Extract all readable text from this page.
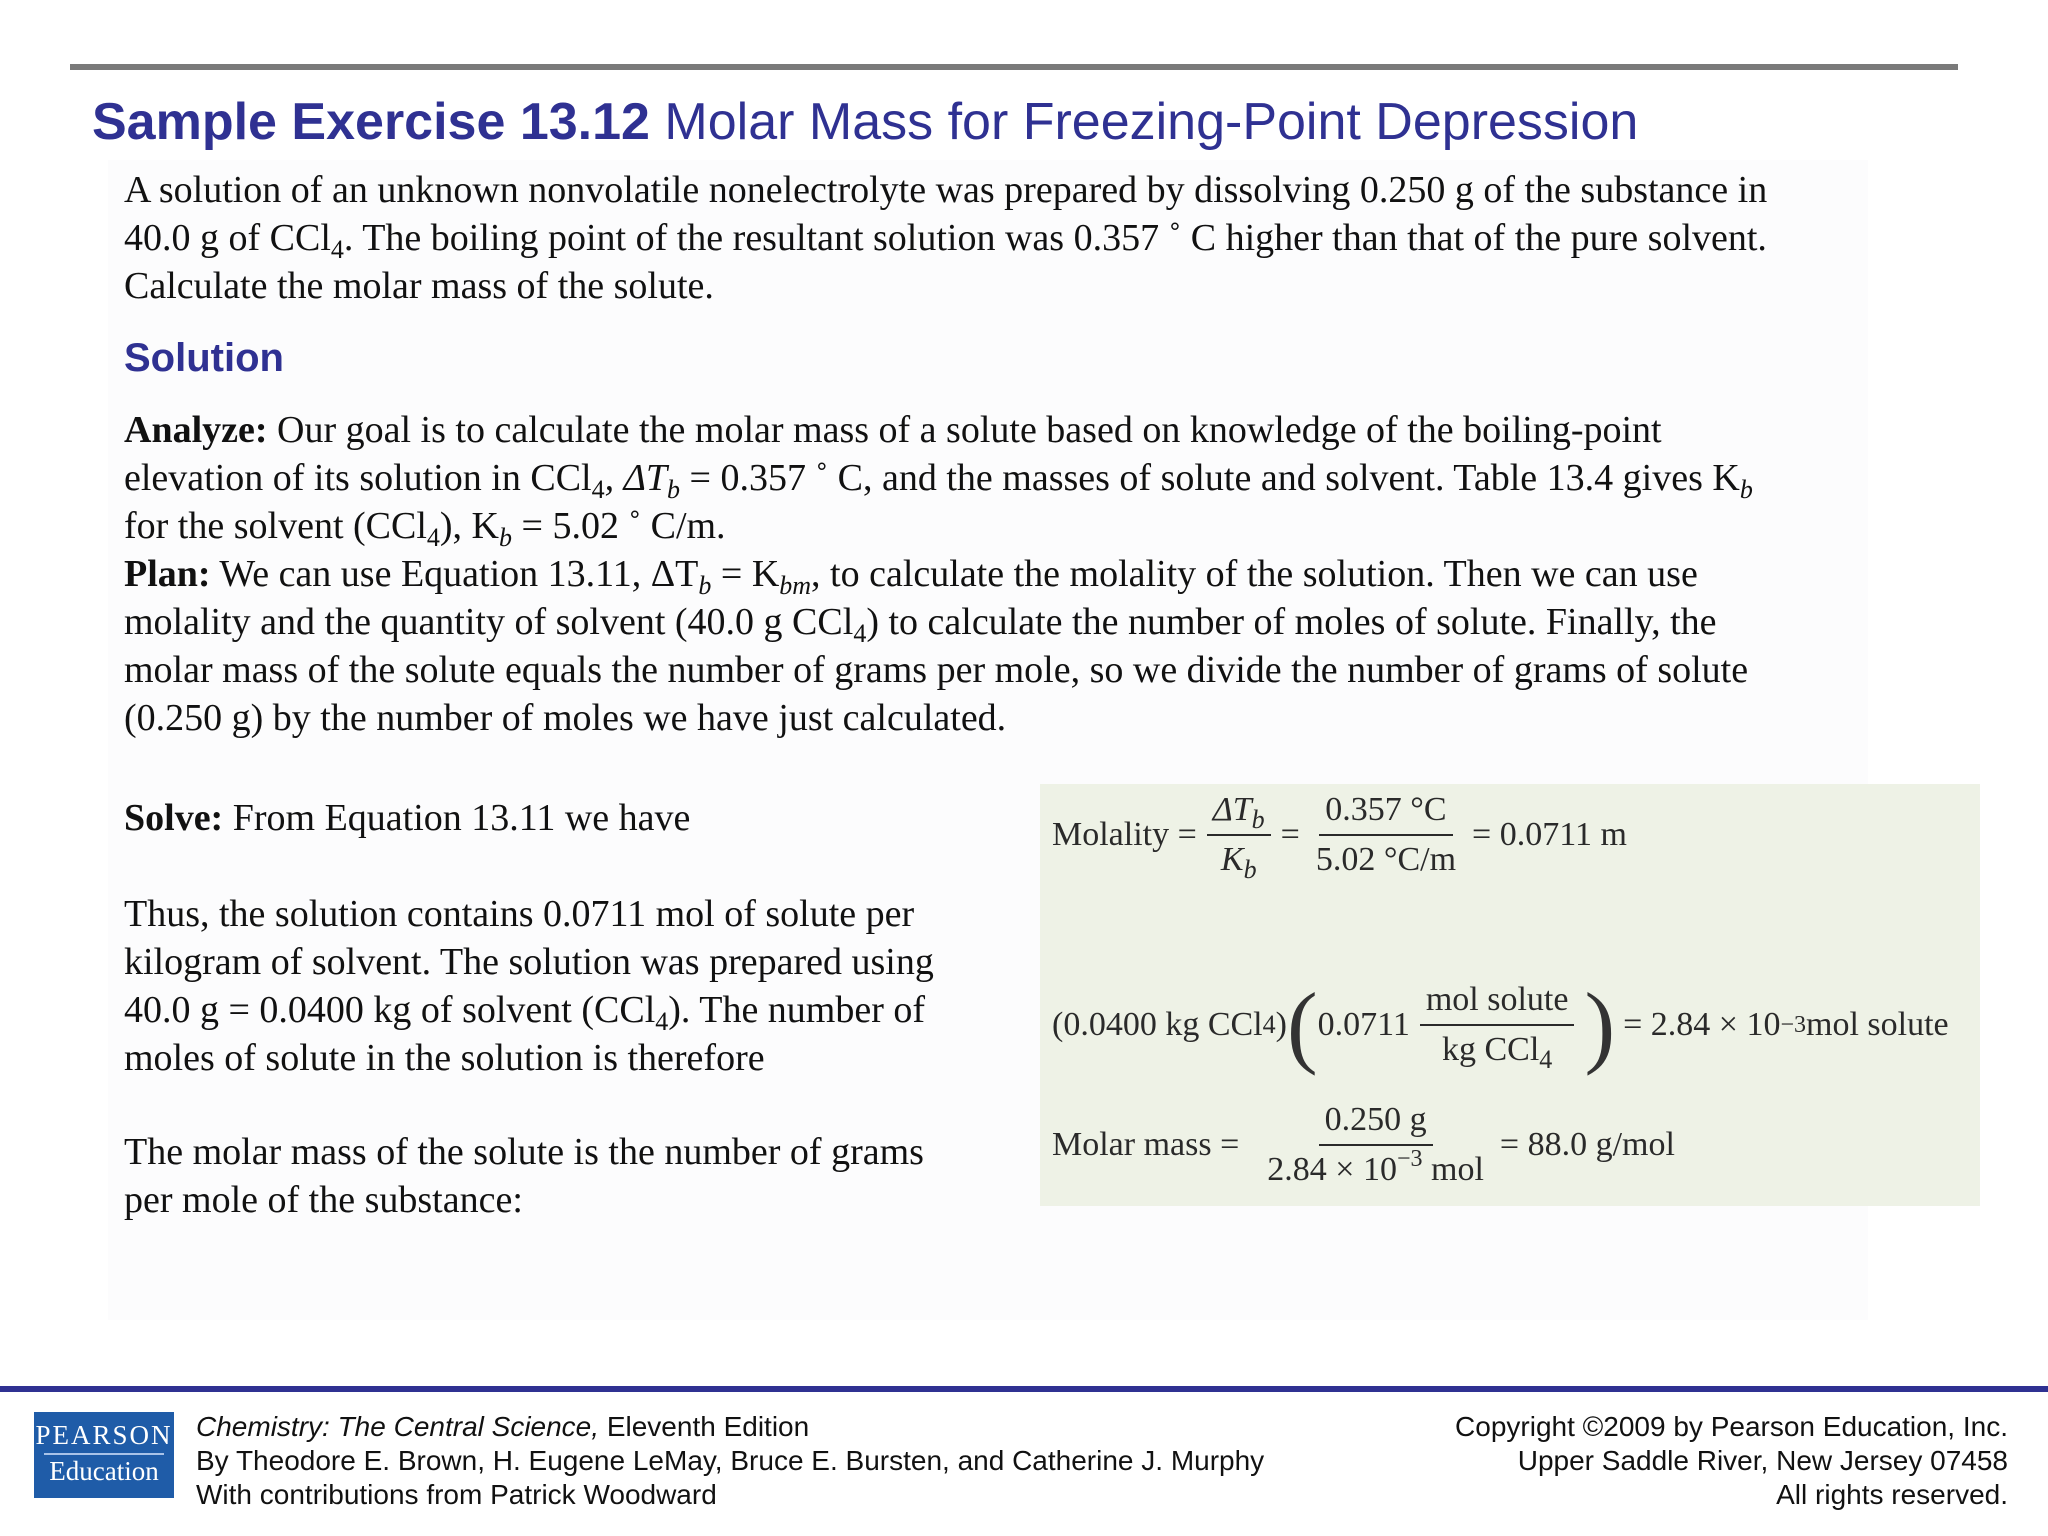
Sample Exercise 13.12 Molar Mass for Freezing-Point Depression
A solution of an unknown nonvolatile nonelectrolyte was prepared by dissolving 0.250 g of the substance in
40.0 g of CCl$_4$. The boiling point of the resultant solution was 0.357 ˚ C higher than that of the pure solvent.
Calculate the molar mass of the solute.
Solution
Analyze: Our goal is to calculate the molar mass of a solute based on knowledge of the boiling-point
elevation of its solution in CCl$_4$, $\Delta T_b = 0.357$ ˚ C, and the masses of solute and solvent. Table 13.4 gives $K_b$
for the solvent (CCl$_4$), $K_b = 5.02$ ˚ C/m.
Plan: We can use Equation 13.11, $\Delta T_b = K_{bm}$, to calculate the molality of the solution. Then we can use
molality and the quantity of solvent (40.0 g CCl$_4$) to calculate the number of moles of solute. Finally, the
molar mass of the solute equals the number of grams per mole, so we divide the number of grams of solute
(0.250 g) by the number of moles we have just calculated.
Solve: From Equation 13.11 we have
Thus, the solution contains 0.0711 mol of solute per
kilogram of solvent. The solution was prepared using
40.0 g = 0.0400 kg of solvent (CCl$_4$). The number of
moles of solute in the solution is therefore
The molar mass of the solute is the number of grams
per mole of the substance:
Molality = $\frac{\Delta T_b}{K_b} = \frac{0.357 ^\circ C}{5.02 ^\circ C/m} = 0.0711$ m
(0.0400 kg CCl 4 ) ( $0.0711 \frac{\text{mol solute}}{kg CCl_4}$ ) = 2.84 × 10 −3 mol solute
Molar mass = $\frac{0.250 g}{2.84 \times 10^{-3} mol} = 88.0$ g/mol
PEARSON
Education
Chemistry: The Central Science, Eleventh Edition
By Theodore E. Brown, H. Eugene LeMay, Bruce E. Bursten, and Catherine J. Murphy
With contributions from Patrick Woodward
Copyright ©2009 by Pearson Education, Inc.
Upper Saddle River, New Jersey 07458
All rights reserved.
